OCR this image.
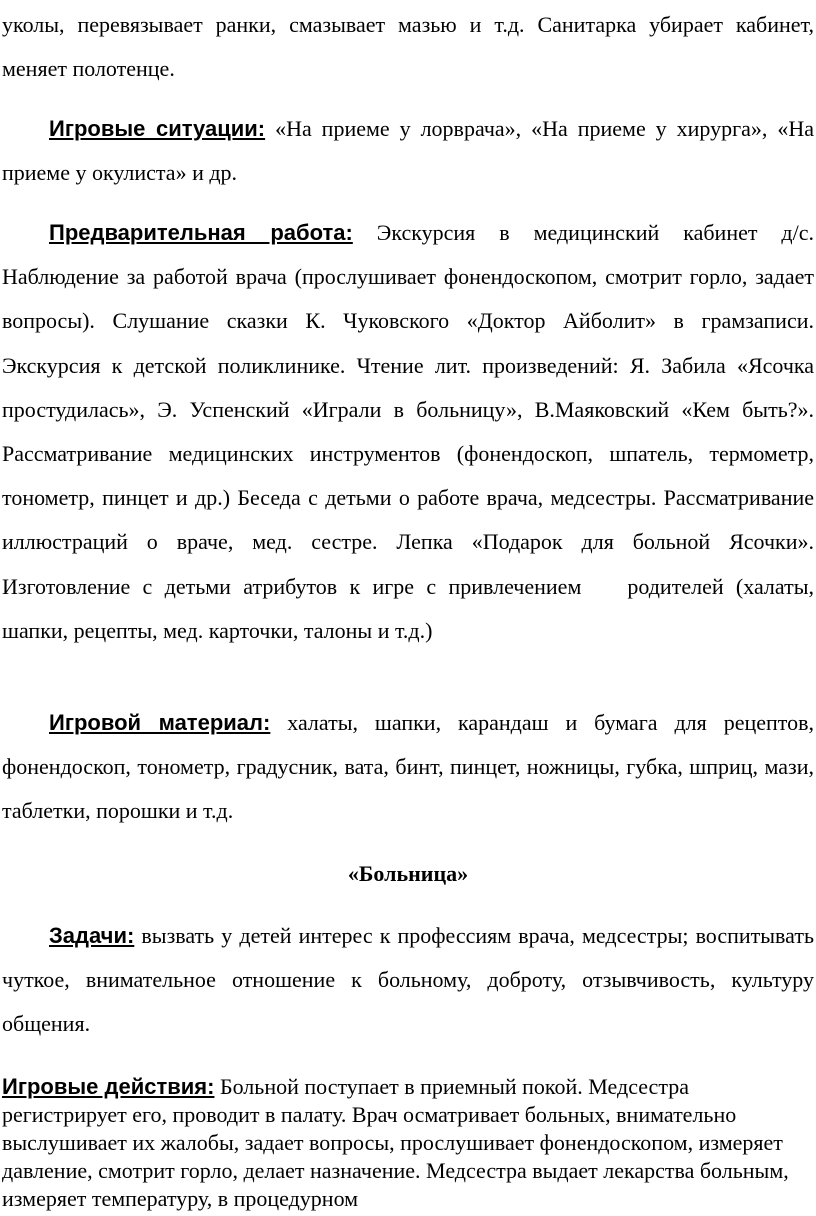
уколы, перевязывает ранки, смазывает мазью и т.д. Санитарка убирает кабинет, меняет полотенце.

Игровые ситуации: «На приеме у лорврача», «На приеме у хирурга», «На приеме у окулиста» и др.

Предварительная работа: Экскурсия в медицинский кабинет д/с. Наблюдение за работой врача (прослушивает фонендоскопом, смотрит горло, задает вопросы). Слушание сказки К. Чуковского «Доктор Айболит» в грамзаписи. Экскурсия к детской поликлинике. Чтение лит. произведений: Я. Забила «Ясочка простудилась», Э. Успенский «Играли в больницу», В.Маяковский «Кем быть?». Рассматривание медицинских инструментов (фонендоскоп, шпатель, термометр, тонометр, пинцет и др.) Беседа с детьми о работе врача, медсестры. Рассматривание иллюстраций о враче, мед. сестре. Лепка «Подарок для больной Ясочки». Изготовление с детьми атрибутов к игре с привлечением родителей (халаты, шапки, рецепты, мед. карточки, талоны и т.д.)

Игровой материал: халаты, шапки, карандаш и бумага для рецептов, фонендоскоп, тонометр, градусник, вата, бинт, пинцет, ножницы, губка, шприц, мази, таблетки, порошки и т.д.

«Больница»

Задачи: вызвать у детей интерес к профессиям врача, медсестры; воспитывать чуткое, внимательное отношение к больному, доброту, отзывчивость, культуру общения.

Игровые действия: Больной поступает в приемный покой. Медсестра регистрирует его, проводит в палату. Врач осматривает больных, внимательно выслушивает их жалобы, задает вопросы, прослушивает фонендоскопом, измеряет давление, смотрит горло, делает назначение. Медсестра выдает лекарства больным, измеряет температуру, в процедурном
